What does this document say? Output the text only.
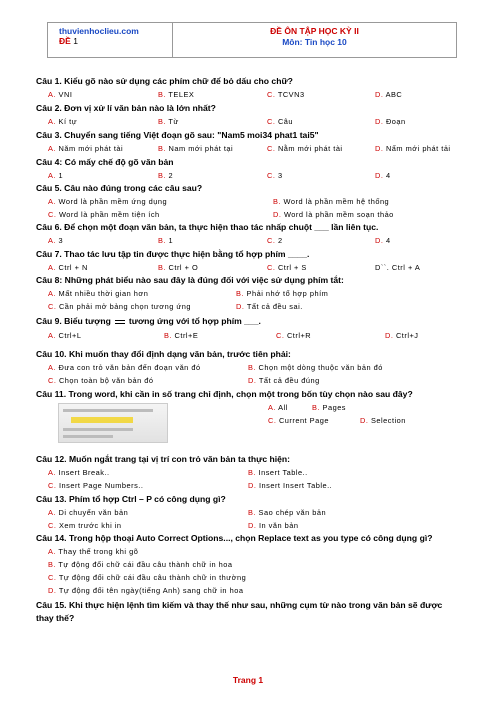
thuvienhoclieu.com
ĐỀ 1
ĐỀ ÔN TẬP HỌC KỲ II
Môn: Tin học 10
Câu 1. Kiểu gõ nào sử dụng các phím chữ để bỏ dấu cho chữ?
A. VNI	B. TELEX	C. TCVN3	D. ABC
Câu 2. Đơn vị xử lí văn bản nào là lớn nhất?
A. Kí tự	B. Từ	C. Câu	D. Đoạn
Câu 3. Chuyển sang tiếng Việt đoạn gõ sau: "Nam5 moi34 phat1 tai5"
A. Năm mới phát tài	B. Nam mới phát tại	C. Nằm mới phát tài	D. Nấm mới phát tải
Câu 4: Có mấy chế độ gõ văn bản
A. 1	B. 2	C. 3	D. 4
Câu 5. Câu nào đúng trong các câu sau?
A. Word là phần mềm ứng dụng	B. Word là phần mềm hệ thống
C. Word là phần mềm tiện ích	D. Word là phần mềm soạn thảo
Câu 6. Để chọn một đoạn văn bản, ta thực hiện thao tác nhấp chuột ___ lần liên tục.
A. 3	B. 1	C. 2	D. 4
Câu 7. Thao tác lưu tập tin được thực hiện bằng tổ hợp phím ____.
A. Ctrl + N	B. Ctrl + O	C. Ctrl + S	D``. Ctrl + A
Câu 8: Những phát biểu nào sau đây là đúng đối với việc sử dụng phím tắt:
A. Mất nhiều thời gian hơn	B. Phải nhớ tổ hợp phím
C. Cần phải mở bảng chọn tương ứng	D. Tất cả đều sai.
Câu 9. Biểu tượng tương ứng với tổ hợp phím ___.
A. Ctrl+L	B. Ctrl+E	C. Ctrl+R	D. Ctrl+J
Câu 10. Khi muốn thay đổi định dạng văn bản, trước tiên phải:
A. Đưa con trỏ văn bản đến đoạn văn đó	B. Chọn một dòng thuộc văn bản đó
C. Chọn toàn bộ văn bản đó	D. Tất cả đều đúng
Câu 11. Trong word, khi cần in số trang chỉ định, chọn một trong bốn tùy chọn nào sau đây?
A. All	B. Pages
C. Current Page	D. Selection
Câu 12. Muốn ngắt trang tại vị trí con trỏ văn bản ta thực hiện:
A. Insert Break..	B. Insert Table..
C. Insert Page Numbers..	D. Insert Insert Table..
Câu 13. Phím tổ hợp Ctrl – P có công dụng gì?
A. Di chuyển văn bản	B. Sao chép văn bản
C. Xem trước khi in	D. In văn bản
Câu 14. Trong hộp thoại Auto Correct Options..., chọn Replace text as you type có công dụng gì?
A. Thay thế trong khi gõ
B. Tự động đổi chữ cái đầu câu thành chữ in hoa
C. Tự động đổi chữ cái đầu câu thành chữ in thường
D. Tự động đổi tên ngày(tiếng Anh) sang chữ in hoa
Câu 15. Khi thực hiện lệnh tìm kiếm và thay thế như sau, những cụm từ nào trong văn bản sẽ được thay thế?
Trang 1
